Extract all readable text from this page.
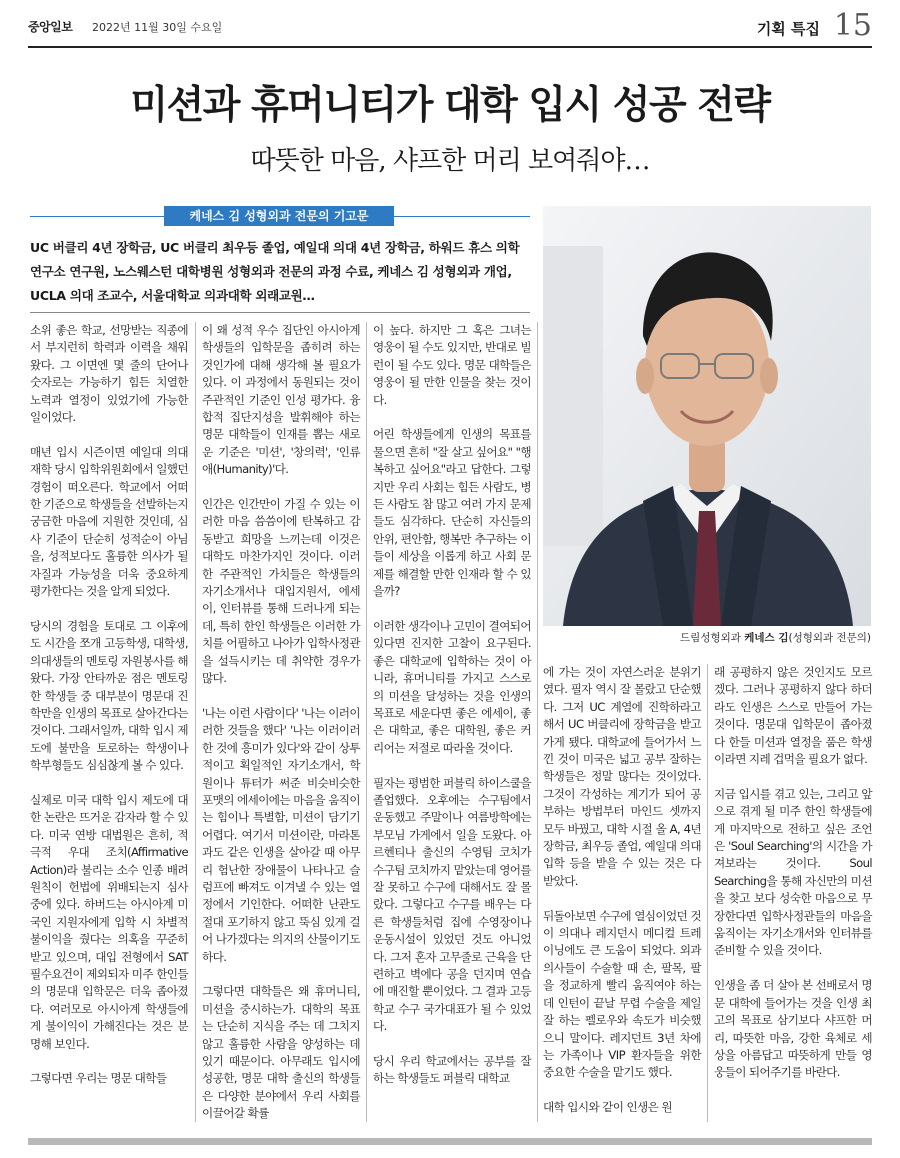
중앙일보 2022년 11월 30일 수요일	기획 특집 15
미션과 휴머니티가 대학 입시 성공 전략
따뜻한 마음, 샤프한 머리 보여줘야…
케네스 김 성형외과 전문의 기고문
UC 버클리 4년 장학금, UC 버클리 최우등 졸업, 예일대 의대 4년 장학금, 하워드 휴스 의학연구소 연구원, 노스웨스턴 대학병원 성형외과 전문의 과정 수료, 케네스 김 성형외과 개업, UCLA 의대 조교수, 서울대학교 의과대학 외래교원…
드림성형외과 케네스 김(성형외과 전문의)

소위 좋은 학교, 선망받는 직종에서 부지런히 학력과 이력을 채워왔다. 그 이면엔 몇 줄의 단어나 숫자로는 가능하기 힘든 치열한 노력과 열정이 있었기에 가능한 일이었다.

매년 입시 시즌이면 예일대 의대 재학 당시 입학위원회에서 일했던 경험이 떠오른다. 학교에서 어떠한 기준으로 학생들을 선발하는지 궁금한 마음에 지원한 것인데, 심사 기준이 단순히 성적순이 아님을, 성적보다도 훌륭한 의사가 될 자질과 가능성을 더욱 중요하게 평가한다는 것을 알게 되었다.

당시의 경험을 토대로 그 이후에도 시간을 쪼개 고등학생, 대학생, 의대생들의 멘토링 자원봉사를 해왔다. 가장 안타까운 점은 멘토링한 학생들 중 대부분이 명문대 진학만을 인생의 목표로 살아간다는 것이다. 그래서일까, 대학 입시 제도에 불만을 토로하는 학생이나 학부형들도 심심찮게 볼 수 있다.

실제로 미국 대학 입시 제도에 대한 논란은 뜨거운 감자라 할 수 있다. 미국 연방 대법원은 흔히, 적극적 우대 조치(Affirmative Action)라 불리는 소수 인종 배려 원칙이 헌법에 위배되는지 심사 중에 있다. 하버드는 아시아계 미국인 지원자에게 입학 시 차별적 불이익을 줬다는 의혹을 꾸준히 받고 있으며, 대입 전형에서 SAT 필수요건이 제외되자 미주 한인들의 명문대 입학문은 더욱 좁아졌다. 여러모로 아시아계 학생들에게 불이익이 가해진다는 것은 분명해 보인다.

그렇다면 우리는 명문 대학들

이 왜 성적 우수 집단인 아시아계 학생들의 입학문을 좁히려 하는 것인가에 대해 생각해 볼 필요가 있다. 이 과정에서 동원되는 것이 주관적인 기준인 인성 평가다. 융합적 집단지성을 발휘해야 하는 명문 대학들이 인재를 뽑는 새로운 기준은 '미션', '창의력', '인류애(Humanity)'다.

인간은 인간만이 가질 수 있는 이러한 마음 씀씀이에 탄복하고 감동받고 희망을 느끼는데 이것은 대학도 마찬가지인 것이다. 이러한 주관적인 가치들은 학생들의 자기소개서나 대입지원서, 에세이, 인터뷰를 통해 드러나게 되는데, 특히 한인 학생들은 이러한 가치를 어필하고 나아가 입학사정관을 설득시키는 데 취약한 경우가 많다.

'나는 이런 사람이다' '나는 이러이러한 것들을 했다' '나는 이러이러한 것에 흥미가 있다'와 같이 상투적이고 획일적인 자기소개서, 학원이나 튜터가 써준 비슷비슷한 포맷의 에세이에는 마음을 움직이는 힘이나 특별함, 미션이 담기기 어렵다. 여기서 미션이란, 마라톤과도 같은 인생을 살아갈 때 아무리 험난한 장애물이 나타나고 슬럼프에 빠져도 이겨낼 수 있는 열정에서 기인한다. 어떠한 난관도 절대 포기하지 않고 뚝심 있게 걸어 나가겠다는 의지의 산물이기도 하다.

그렇다면 대학들은 왜 휴머니티, 미션을 중시하는가. 대학의 목표는 단순히 지식을 주는 데 그치지 않고 훌륭한 사람을 양성하는 데 있기 때문이다. 아무래도 입시에 성공한, 명문 대학 출신의 학생들은 다양한 분야에서 우리 사회를 이끌어갈 확률

이 높다. 하지만 그 혹은 그녀는 영웅이 될 수도 있지만, 반대로 빌런이 될 수도 있다. 명문 대학들은 영웅이 될 만한 인물을 찾는 것이다.

어린 학생들에게 인생의 목표를 물으면 흔히 "잘 살고 싶어요" "행복하고 싶어요"라고 답한다. 그렇지만 우리 사회는 힘든 사람도, 병든 사람도 참 많고 여러 가지 문제들도 심각하다. 단순히 자신들의 안위, 편안함, 행복만 추구하는 이들이 세상을 이롭게 하고 사회 문제를 해결할 만한 인재라 할 수 있을까?

이러한 생각이나 고민이 결여되어 있다면 진지한 고찰이 요구된다. 좋은 대학교에 입학하는 것이 아니라, 휴머니티를 가지고 스스로의 미션을 달성하는 것을 인생의 목표로 세운다면 좋은 에세이, 좋은 대학교, 좋은 대학원, 좋은 커리어는 저절로 따라올 것이다.

필자는 평범한 퍼블릭 하이스쿨을 졸업했다. 오후에는 수구팀에서 운동했고 주말이나 여름방학에는 부모님 가게에서 일을 도왔다. 아르헨티나 출신의 수영팀 코치가 수구팀 코치까지 맡았는데 영어를 잘 못하고 수구에 대해서도 잘 몰랐다. 그렇다고 수구를 배우는 다른 학생들처럼 집에 수영장이나 운동시설이 있었던 것도 아니었다. 그저 혼자 고무줄로 근육을 단련하고 벽에다 공을 던지며 연습에 매진할 뿐이었다. 그 결과 고등학교 수구 국가대표가 될 수 있었다.

당시 우리 학교에서는 공부를 잘하는 학생들도 퍼블릭 대학교

에 가는 것이 자연스러운 분위기였다. 필자 역시 잘 몰랐고 단순했다. 그저 UC 계열에 진학하라고 해서 UC 버클리에 장학금을 받고 가게 됐다. 대학교에 들어가서 느낀 것이 미국은 넓고 공부 잘하는 학생들은 정말 많다는 것이었다. 그것이 각성하는 계기가 되어 공부하는 방법부터 마인드 셋까지 모두 바꿨고, 대학 시절 올 A, 4년 장학금, 최우등 졸업, 예일대 의대 입학 등을 받을 수 있는 것은 다 받았다.

뒤돌아보면 수구에 열심이었던 것이 의대나 레지던시 메디컬 트레이닝에도 큰 도움이 되었다. 외과의사들이 수술할 때 손, 팔목, 팔을 정교하게 빨리 움직여야 하는데 인턴이 끝날 무렵 수술을 제일 잘 하는 펠로우와 속도가 비슷했으니 말이다. 레지던트 3년 차에는 가족이나 VIP 환자들을 위한 중요한 수술을 맡기도 했다.

대학 입시와 같이 인생은 원

래 공평하지 않은 것인지도 모르겠다. 그러나 공평하지 않다 하더라도 인생은 스스로 만들어 가는 것이다. 명문대 입학문이 좁아졌다 한들 미션과 열정을 품은 학생이라면 지레 겁먹을 필요가 없다.

지금 입시를 겪고 있는, 그리고 앞으로 겪게 될 미주 한인 학생들에게 마지막으로 전하고 싶은 조언은 'Soul Searching'의 시간을 가져보라는 것이다. Soul Searching을 통해 자신만의 미션을 찾고 보다 성숙한 마음으로 무장한다면 입학사정관들의 마음을 움직이는 자기소개서와 인터뷰를 준비할 수 있을 것이다.

인생을 좀 더 살아 본 선배로서 명문 대학에 들어가는 것을 인생 최고의 목표로 삼기보다 샤프한 머리, 따뜻한 마음, 강한 육체로 세상을 아름답고 따뜻하게 만들 영웅들이 되어주기를 바란다.
